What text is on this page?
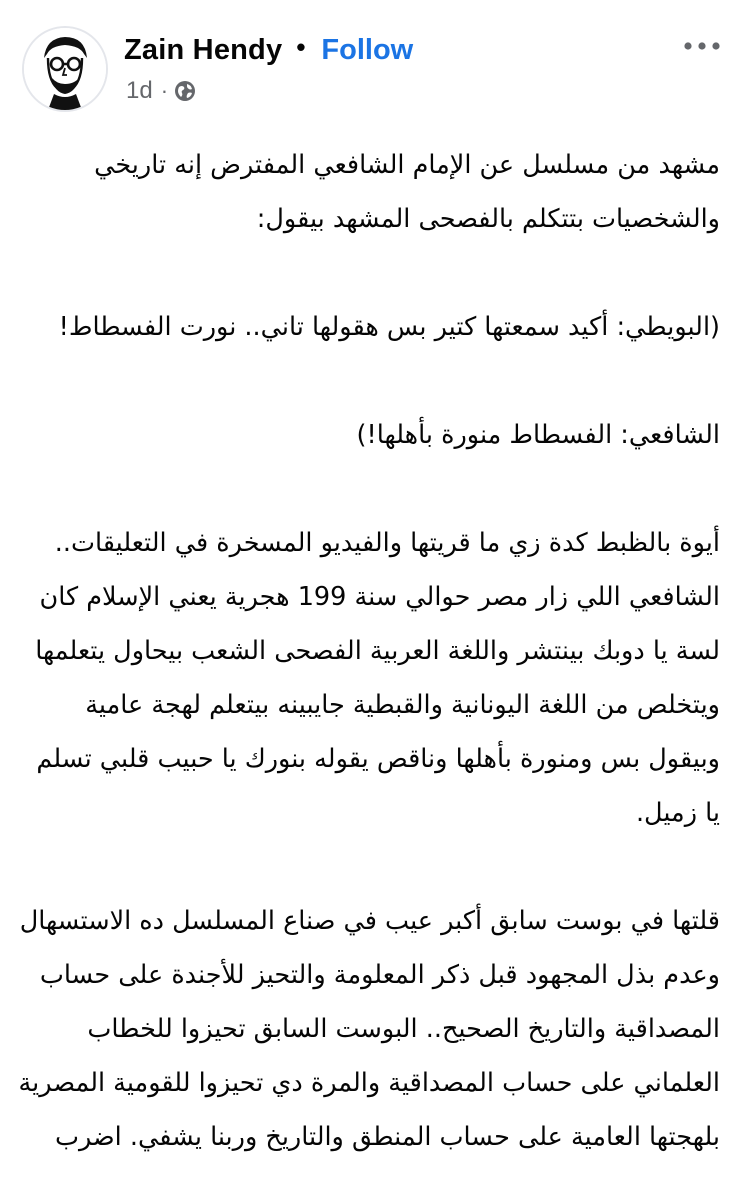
Zain Hendy • Follow
1d ·

مشهد من مسلسل عن الإمام الشافعي المفترض إنه تاريخي والشخصيات بتتكلم بالفصحى المشهد بيقول:

(البويطي: أكيد سمعتها كتير بس هقولها تاني.. نورت الفسطاط!

الشافعي: الفسطاط منورة بأهلها!)

أيوة بالظبط كدة زي ما قريتها والفيديو المسخرة في التعليقات.. الشافعي اللي زار مصر حوالي سنة 199 هجرية يعني الإسلام كان لسة يا دوبك بينتشر واللغة العربية الفصحى الشعب بيحاول يتعلمها ويتخلص من اللغة اليونانية والقبطية جايبينه بيتعلم لهجة عامية وبيقول بس ومنورة بأهلها وناقص يقوله بنورك يا حبيب قلبي تسلم يا زميل.

قلتها في بوست سابق أكبر عيب في صناع المسلسل ده الاستسهال وعدم بذل المجهود قبل ذكر المعلومة والتحيز للأجندة على حساب المصداقية والتاريخ الصحيح.. البوست السابق تحيزوا للخطاب العلماني على حساب المصداقية والمرة دي تحيزوا للقومية المصرية بلهجتها العامية على حساب المنطق والتاريخ وربنا يشفي. اضرب
